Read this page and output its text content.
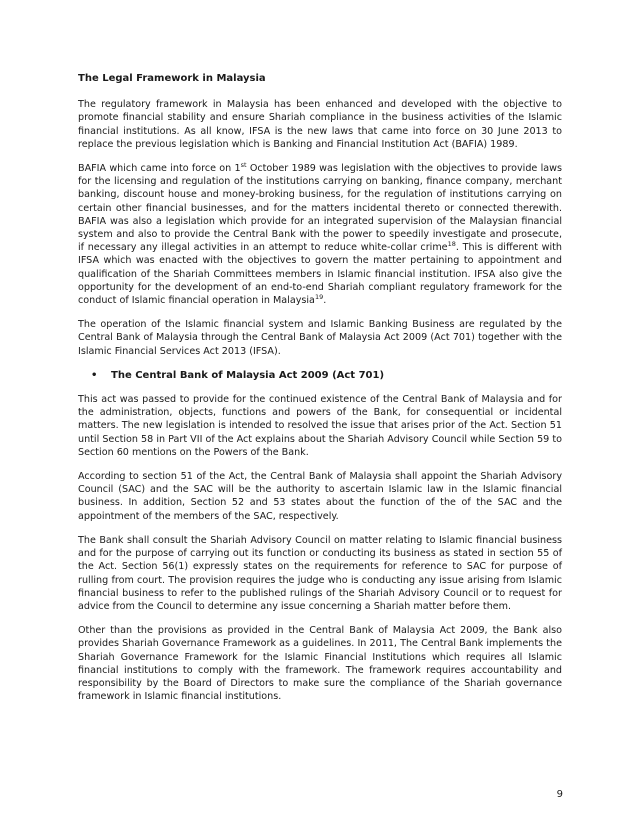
The Legal Framework in Malaysia

The regulatory framework in Malaysia has been enhanced and developed with the objective to promote financial stability and ensure Shariah compliance in the business activities of the Islamic financial institutions. As all know, IFSA is the new laws that came into force on 30 June 2013 to replace the previous legislation which is Banking and Financial Institution Act (BAFIA) 1989.

BAFIA which came into force on 1st October 1989 was legislation with the objectives to provide laws for the licensing and regulation of the institutions carrying on banking, finance company, merchant banking, discount house and money-broking business, for the regulation of institutions carrying on certain other financial businesses, and for the matters incidental thereto or connected therewith. BAFIA was also a legislation which provide for an integrated supervision of the Malaysian financial system and also to provide the Central Bank with the power to speedily investigate and prosecute, if necessary any illegal activities in an attempt to reduce white-collar crime$^{18}$. This is different with IFSA which was enacted with the objectives to govern the matter pertaining to appointment and qualification of the Shariah Committees members in Islamic financial institution. IFSA also give the opportunity for the development of an end-to-end Shariah compliant regulatory framework for the conduct of Islamic financial operation in Malaysia$^{19}$.

The operation of the Islamic financial system and Islamic Banking Business are regulated by the Central Bank of Malaysia through the Central Bank of Malaysia Act 2009 (Act 701) together with the Islamic Financial Services Act 2013 (IFSA).

•	The Central Bank of Malaysia Act 2009 (Act 701)

This act was passed to provide for the continued existence of the Central Bank of Malaysia and for the administration, objects, functions and powers of the Bank, for consequential or incidental matters. The new legislation is intended to resolved the issue that arises prior of the Act. Section 51 until Section 58 in Part VII of the Act explains about the Shariah Advisory Council while Section 59 to Section 60 mentions on the Powers of the Bank.

According to section 51 of the Act, the Central Bank of Malaysia shall appoint the Shariah Advisory Council (SAC) and the SAC will be the authority to ascertain Islamic law in the Islamic financial business. In addition, Section 52 and 53 states about the function of the of the SAC and the appointment of the members of the SAC, respectively.

The Bank shall consult the Shariah Advisory Council on matter relating to Islamic financial business and for the purpose of carrying out its function or conducting its business as stated in section 55 of the Act. Section 56(1) expressly states on the requirements for reference to SAC for purpose of rulling from court. The provision requires the judge who is conducting any issue arising from Islamic financial business to refer to the published rulings of the Shariah Advisory Council or to request for advice from the Council to determine any issue concerning a Shariah matter before them.

Other than the provisions as provided in the Central Bank of Malaysia Act 2009, the Bank also provides Shariah Governance Framework as a guidelines. In 2011, The Central Bank implements the Shariah Governance Framework for the Islamic Financial Institutions which requires all Islamic financial institutions to comply with the framework. The framework requires accountability and responsibility by the Board of Directors to make sure the compliance of the Shariah governance framework in Islamic financial institutions.

9
